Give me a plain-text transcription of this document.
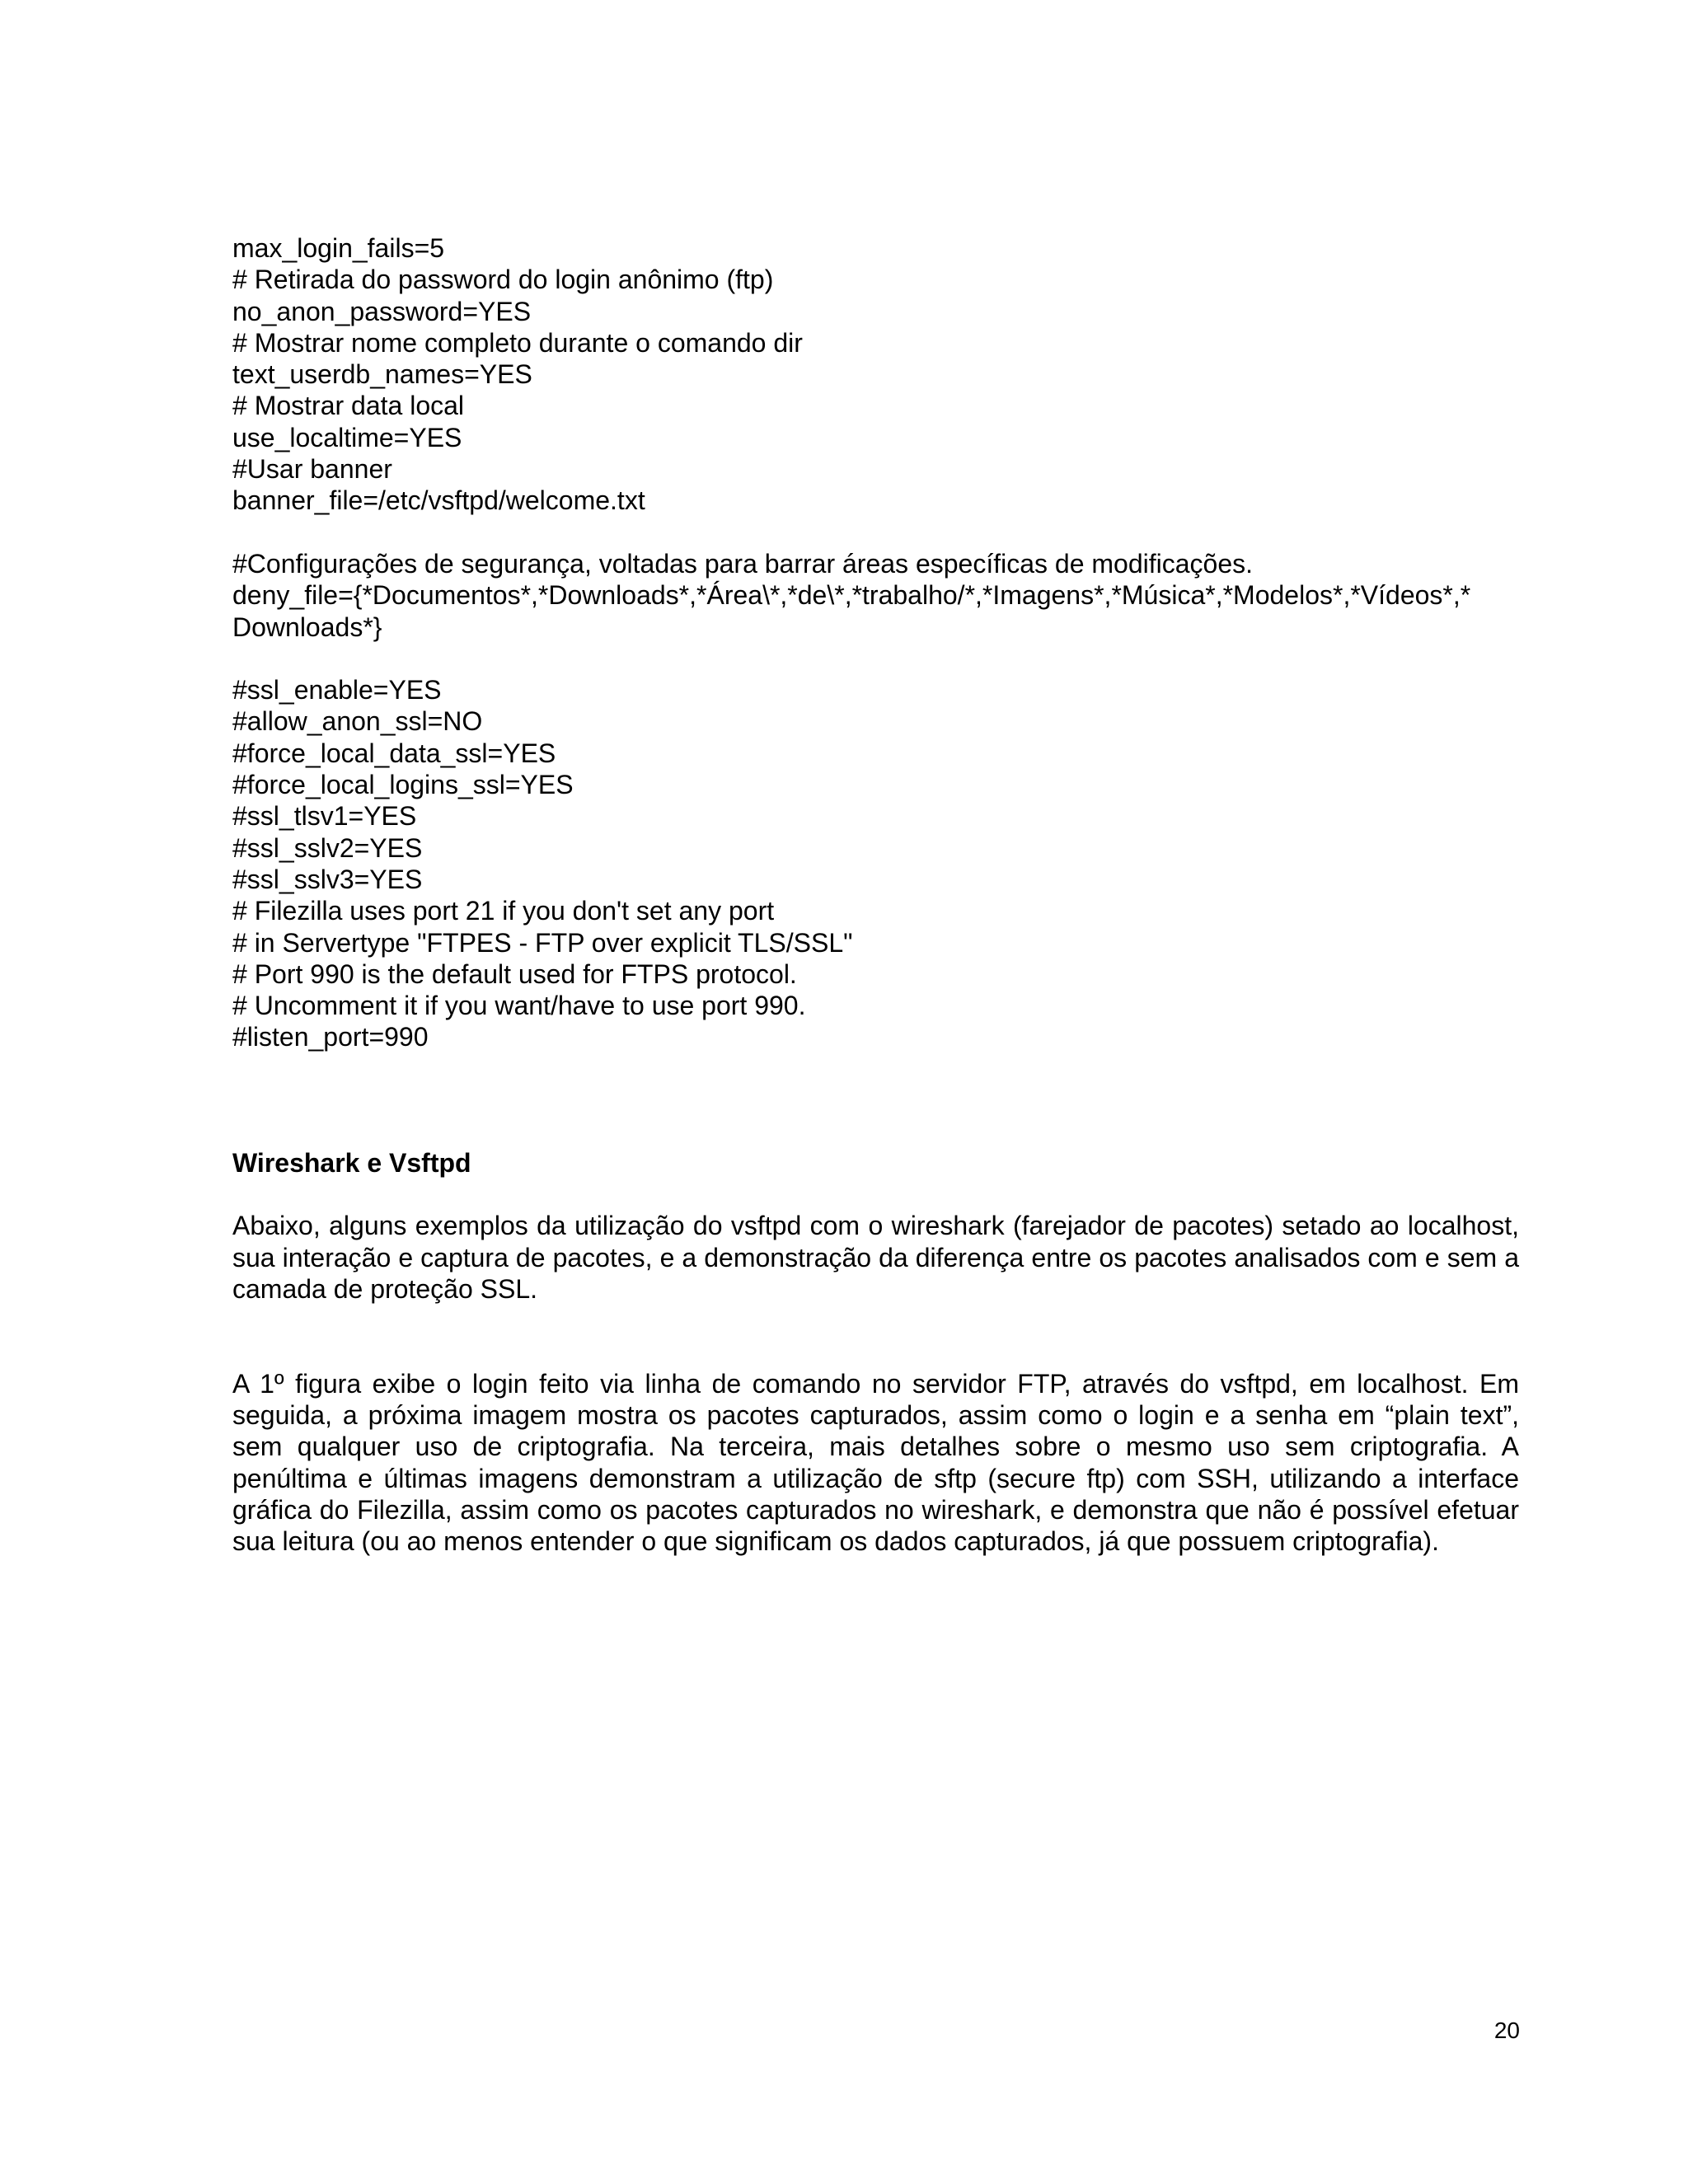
max_login_fails=5
# Retirada do password do login anônimo (ftp)
no_anon_password=YES
# Mostrar nome completo durante o comando dir
text_userdb_names=YES
# Mostrar data local
use_localtime=YES
#Usar banner
banner_file=/etc/vsftpd/welcome.txt
#Configurações de segurança, voltadas para barrar áreas específicas de modificações.
deny_file={*Documentos*,*Downloads*,*Área\*,*de\*,*trabalho/*,*Imagens*,*Música*,*Modelos*,*Vídeos*,*
Downloads*}
#ssl_enable=YES
#allow_anon_ssl=NO
#force_local_data_ssl=YES
#force_local_logins_ssl=YES
#ssl_tlsv1=YES
#ssl_sslv2=YES
#ssl_sslv3=YES
# Filezilla uses port 21 if you don't set any port
# in Servertype "FTPES - FTP over explicit TLS/SSL"
# Port 990 is the default used for FTPS protocol.
# Uncomment it if you want/have to use port 990.
#listen_port=990
Wireshark e Vsftpd

Abaixo, alguns exemplos da utilização do vsftpd com o wireshark (farejador de pacotes) setado ao localhost, sua interação e captura de pacotes, e a demonstração da diferença entre os pacotes analisados com e sem a camada de proteção SSL.

A 1º figura exibe o login feito via linha de comando no servidor FTP, através do vsftpd, em localhost. Em seguida, a próxima imagem mostra os pacotes capturados, assim como o login e a senha em “plain text”, sem qualquer uso de criptografia. Na terceira, mais detalhes sobre o mesmo uso sem criptografia. A penúltima e últimas imagens demonstram a utilização de sftp (secure ftp) com SSH, utilizando a interface gráfica do Filezilla, assim como os pacotes capturados no wireshark, e demonstra que não é possível efetuar sua leitura (ou ao menos entender o que significam os dados capturados, já que possuem criptografia).

20
